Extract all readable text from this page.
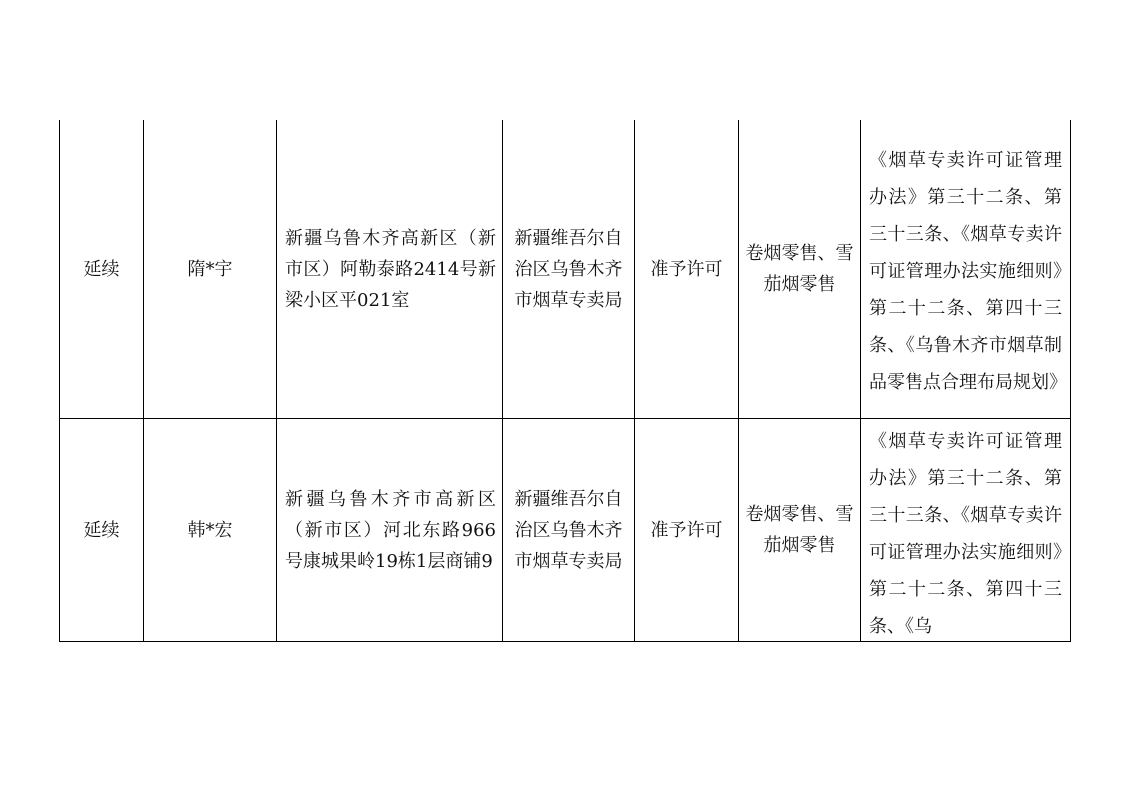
延续	隋*宇	新疆乌鲁木齐高新区（新市区）阿勒泰路2414号新梁小区平021室	新疆维吾尔自治区乌鲁木齐市烟草专卖局	准予许可	卷烟零售、雪茄烟零售	《烟草专卖许可证管理办法》第三十二条、第三十三条、《烟草专卖许可证管理办法实施细则》第二十二条、第四十三条、《乌鲁木齐市烟草制品零售点合理布局规划》

延续	韩*宏	新疆乌鲁木齐市高新区（新市区）河北东路966号康城果岭19栋1层商铺9	新疆维吾尔自治区乌鲁木齐市烟草专卖局	准予许可	卷烟零售、雪茄烟零售	《烟草专卖许可证管理办法》第三十二条、第三十三条、《烟草专卖许可证管理办法实施细则》第二十二条、第四十三条、《乌
